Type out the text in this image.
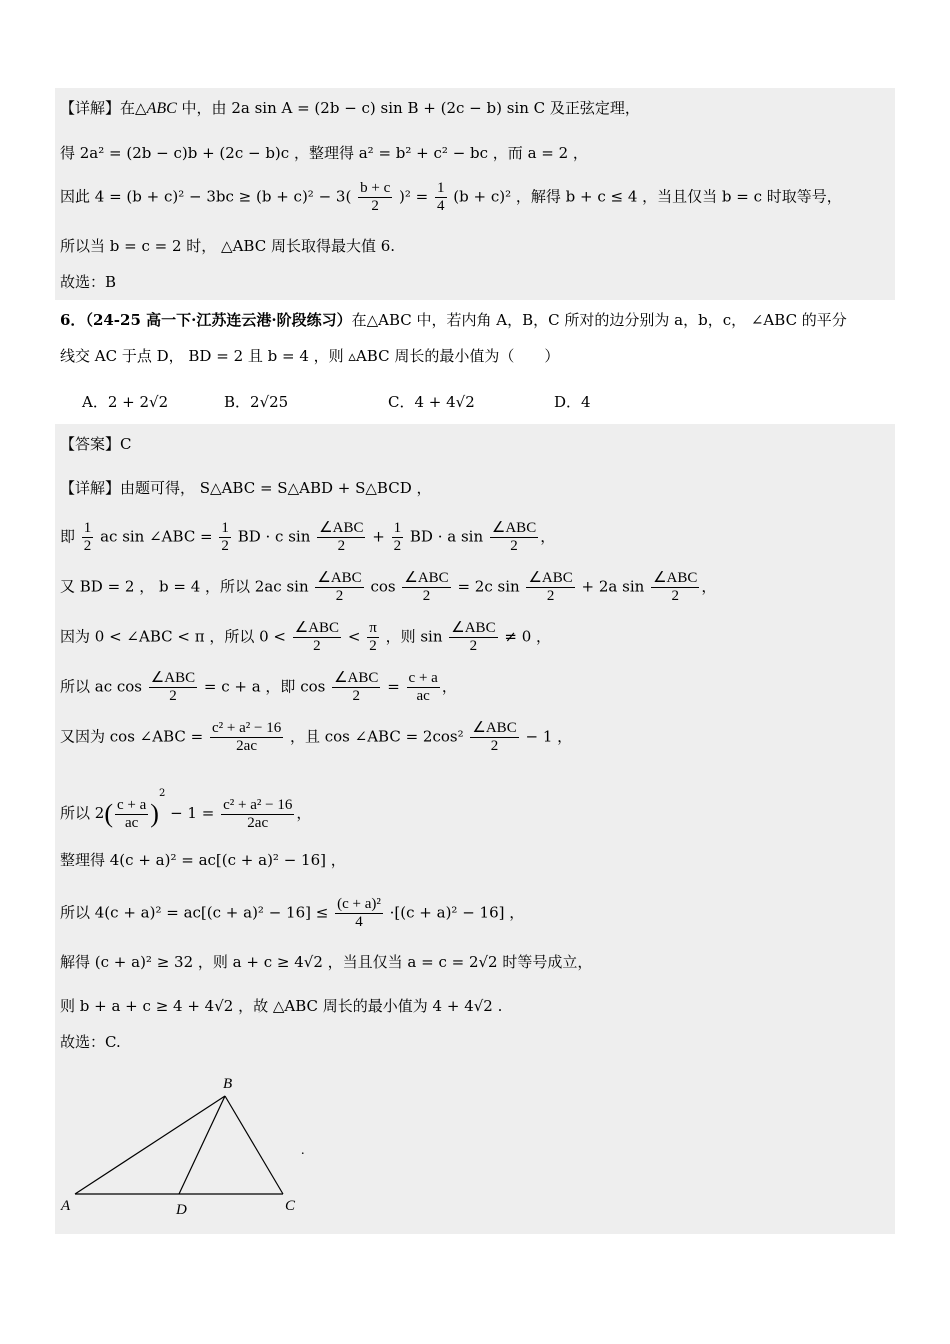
【详解】在△ABC 中，由 2a sin A = (2b − c) sin B + (2c − b) sin C 及正弦定理，
得 2a² = (2b − c)b + (2c − b)c ，整理得 a² = b² + c² − bc ，而 a = 2 ，
因此 $4 = (b + c)^2 - 3bc \ge (b + c)^2 - 3( \frac{b + c}{2} )^2 = \frac{1}{4} (b + c)^2$ ，解得 b + c ≤ 4 ，当且仅当 b = c 时取等号，
所以当 b = c = 2 时， △ABC 周长取得最大值 6.
故选：B
6．（24-25 高一下·江苏连云港·阶段练习）在△ABC 中，若内角 A，B，C 所对的边分别为 a，b，c， ∠ABC 的平分
线交 AC 于点 D， BD = 2 且 b = 4 ，则 ▵ABC 周长的最小值为（　　）
A．2 + 2√2	B．2√25	C．4 + 4√2	D．4
【答案】C
【详解】由题可得， S△ABC = S△ABD + S△BCD ，
即 $\frac{1}{2}$ ac sin ∠ABC = $\frac{1}{2}$ BD · c $\sin \frac{\text{∠ABC}}{2} + \frac{1}{2}$ BD · a $\sin \frac{\text{∠ABC}}{2}$ ，
又 BD = 2 ， b = 4 ，所以 2ac $\sin \frac{\text{∠ABC}}{2}$ $\cos \frac{\text{∠ABC}}{2} = 2c$ $\sin \frac{\text{∠ABC}}{2} + 2a$ $\sin \frac{\text{∠ABC}}{2}$ ，
因为 0 < ∠ABC < π ，所以 $0 < \frac{\text{∠ABC}}{2} < \frac{\pi}{2}$ ，则 $\sin \frac{\text{∠ABC}}{2} \ne 0$ ，
所以 ac $\cos \frac{\text{∠ABC}}{2} = c + a$ ，即 $\cos \frac{\text{∠ABC}}{2} = \frac{c + a}{ac}$ ，
又因为 cos ∠ABC = $\frac{\text{c² + a² − 16}}{2ac}$ ，且 cos ∠ABC = $2\cos^2 \frac{\text{∠ABC}}{2} - 1$ ，
所以 $2( \frac{c + a}{ac} )^2 - 1 = \frac{\text{c² + a² − 16}}{2ac}$ ，
整理得 4(c + a)² = ac[(c + a)² − 16] ，
所以 $4(c + a)^2 = ac[(c + a)^2 - 16] \le \frac{\text{(c + a)²}}{4} \cdot[(c + a)^2 - 16]$ ，
解得 (c + a)² ≥ 32 ，则 a + c ≥ 4√2 ，当且仅当 a = c = 2√2 时等号成立，
则 b + a + c ≥ 4 + 4√2 ，故 △ABC 周长的最小值为 4 + 4√2 .
故选：C.
B
A	D	C
.
